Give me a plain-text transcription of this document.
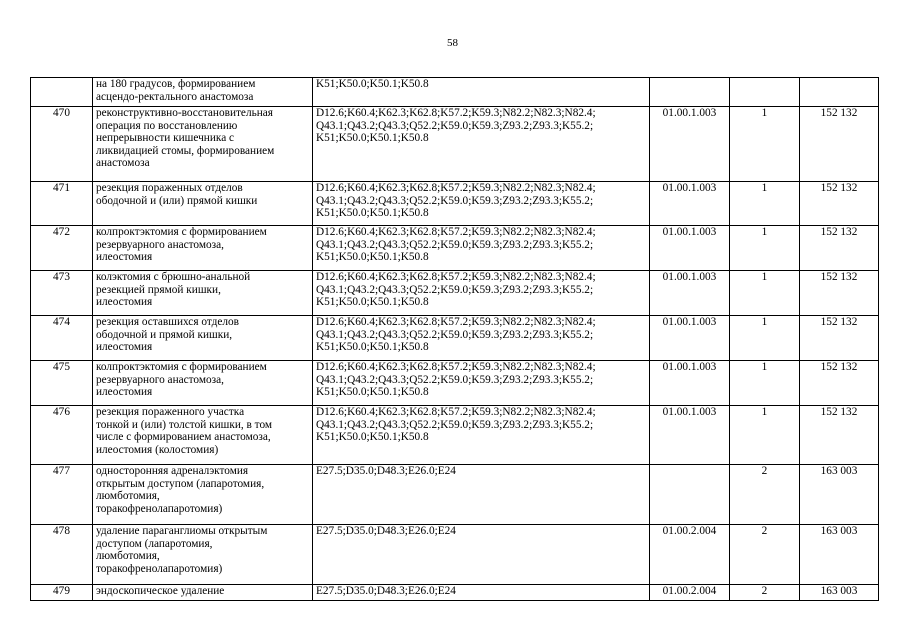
58

	на 180 градусов, формированием
асцендо-ректального анастомоза	K51;K50.0;K50.1;K50.8			
470	реконструктивно-восстановительная
операция по восстановлению
непрерывности кишечника с
ликвидацией стомы, формированием
анастомоза	D12.6;K60.4;K62.3;K62.8;K57.2;K59.3;N82.2;N82.3;N82.4;
Q43.1;Q43.2;Q43.3;Q52.2;K59.0;K59.3;Z93.2;Z93.3;K55.2;
K51;K50.0;K50.1;K50.8	01.00.1.003	1	152 132
471	резекция пораженных отделов
ободочной и (или) прямой кишки	D12.6;K60.4;K62.3;K62.8;K57.2;K59.3;N82.2;N82.3;N82.4;
Q43.1;Q43.2;Q43.3;Q52.2;K59.0;K59.3;Z93.2;Z93.3;K55.2;
K51;K50.0;K50.1;K50.8	01.00.1.003	1	152 132
472	колпроктэктомия с формированием
резервуарного анастомоза,
илеостомия	D12.6;K60.4;K62.3;K62.8;K57.2;K59.3;N82.2;N82.3;N82.4;
Q43.1;Q43.2;Q43.3;Q52.2;K59.0;K59.3;Z93.2;Z93.3;K55.2;
K51;K50.0;K50.1;K50.8	01.00.1.003	1	152 132
473	колэктомия с брюшно-анальной
резекцией прямой кишки,
илеостомия	D12.6;K60.4;K62.3;K62.8;K57.2;K59.3;N82.2;N82.3;N82.4;
Q43.1;Q43.2;Q43.3;Q52.2;K59.0;K59.3;Z93.2;Z93.3;K55.2;
K51;K50.0;K50.1;K50.8	01.00.1.003	1	152 132
474	резекция оставшихся отделов
ободочной и прямой кишки,
илеостомия	D12.6;K60.4;K62.3;K62.8;K57.2;K59.3;N82.2;N82.3;N82.4;
Q43.1;Q43.2;Q43.3;Q52.2;K59.0;K59.3;Z93.2;Z93.3;K55.2;
K51;K50.0;K50.1;K50.8	01.00.1.003	1	152 132
475	колпроктэктомия с формированием
резервуарного анастомоза,
илеостомия	D12.6;K60.4;K62.3;K62.8;K57.2;K59.3;N82.2;N82.3;N82.4;
Q43.1;Q43.2;Q43.3;Q52.2;K59.0;K59.3;Z93.2;Z93.3;K55.2;
K51;K50.0;K50.1;K50.8	01.00.1.003	1	152 132
476	резекция пораженного участка
тонкой и (или) толстой кишки, в том
числе с формированием анастомоза,
илеостомия (колостомия)	D12.6;K60.4;K62.3;K62.8;K57.2;K59.3;N82.2;N82.3;N82.4;
Q43.1;Q43.2;Q43.3;Q52.2;K59.0;K59.3;Z93.2;Z93.3;K55.2;
K51;K50.0;K50.1;K50.8	01.00.1.003	1	152 132
477	односторонняя адреналэктомия
открытым доступом (лапаротомия,
люмботомия,
торакофренолапаротомия)	E27.5;D35.0;D48.3;E26.0;E24		2	163 003
478	удаление параганглиомы открытым
доступом (лапаротомия,
люмботомия,
торакофренолапаротомия)	E27.5;D35.0;D48.3;E26.0;E24	01.00.2.004	2	163 003
479	эндоскопическое удаление	E27.5;D35.0;D48.3;E26.0;E24	01.00.2.004	2	163 003
